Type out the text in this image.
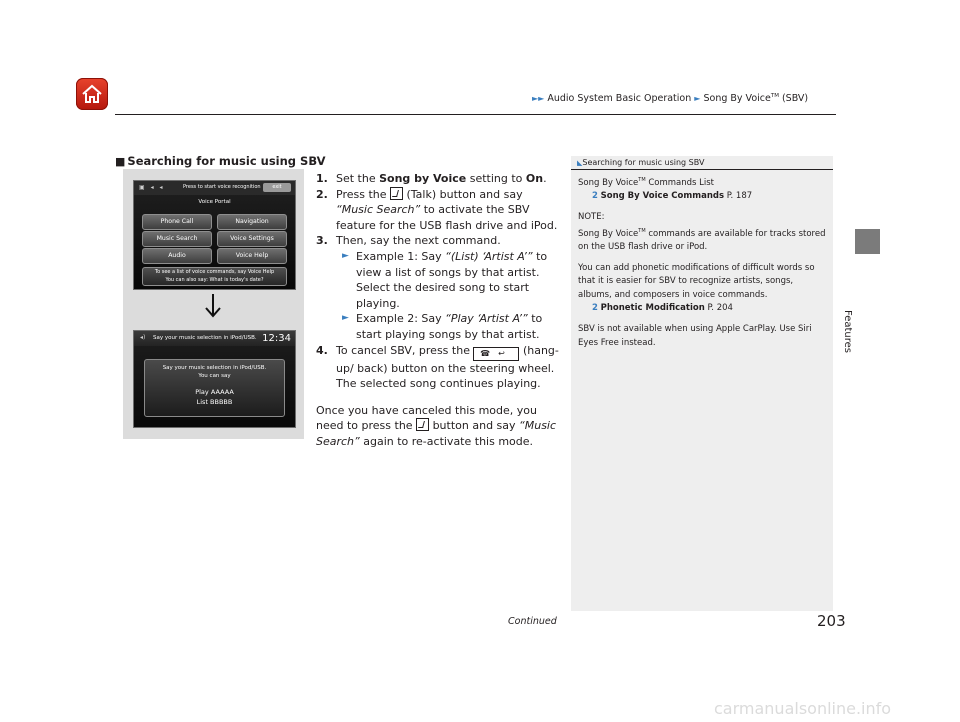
►► Audio System Basic Operation ► Song By Voice™ (SBV)
Features
■ Searching for music using SBV
▣ ◂ ◂	Press to start voice recognition	exit
Voice Portal
Phone Call	Navigation
Music Search	Voice Settings
Audio	Voice Help
To see a list of voice commands, say Voice Help
You can also say: What is today's date?
◂) Say your music selection in iPod/USB. 12:34
Say your music selection in iPod/USB.
You can say
Play AAAAA
List BBBBB
1. Set the Song by Voice setting to On.
2. Press the  (Talk) button and say “Music Search” to activate the SBV feature for the USB flash drive and iPod.
3. Then, say the next command.
► Example 1: Say “(List) ‘Artist A’” to view a list of songs by that artist. Select the desired song to start playing.
► Example 2: Say “Play ‘Artist A’” to start playing songs by that artist.
4. To cancel SBV, press the ☎↩ (hang-up/ back) button on the steering wheel. The selected song continues playing.
Once you have canceled this mode, you need to press the  button and say “Music Search” again to re-activate this mode.
◣Searching for music using SBV

Song By Voice™ Commands List
2 Song By Voice Commands P. 187

NOTE:
Song By Voice™ commands are available for tracks stored on the USB flash drive or iPod.

You can add phonetic modifications of difficult words so that it is easier for SBV to recognize artists, songs, albums, and composers in voice commands.
2 Phonetic Modification P. 204

SBV is not available when using Apple CarPlay. Use Siri Eyes Free instead.

Continued	203
carmanualsonline.info
